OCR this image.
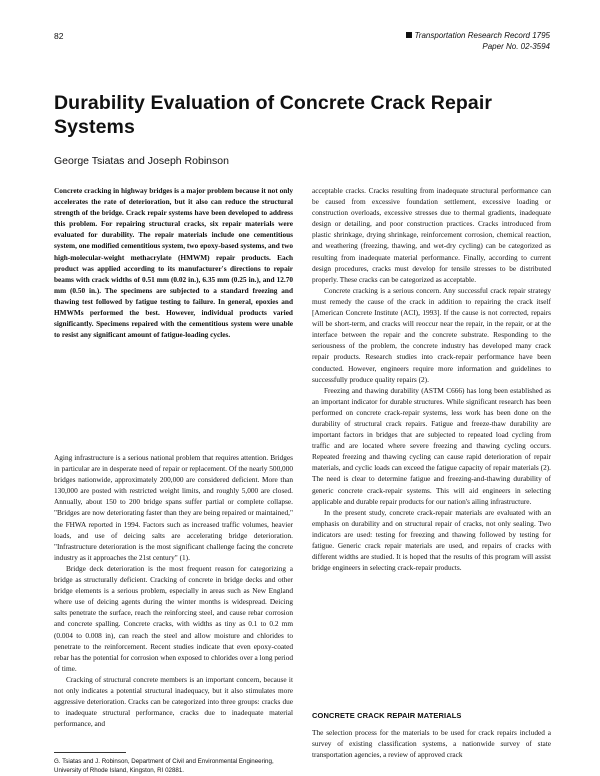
82	Transportation Research Record 1795
Paper No. 02-3594
Durability Evaluation of Concrete Crack Repair Systems
George Tsiatas and Joseph Robinson

Concrete cracking in highway bridges is a major problem because it not only accelerates the rate of deterioration, but it also can reduce the structural strength of the bridge. Crack repair systems have been developed to address this problem. For repairing structural cracks, six repair materials were evaluated for durability. The repair materials include one cementitious system, one modified cementitious system, two epoxy-based systems, and two high-molecular-weight methacrylate (HMWM) repair products. Each product was applied according to its manufacturer's directions to repair beams with crack widths of 0.51 mm (0.02 in.), 6.35 mm (0.25 in.), and 12.70 mm (0.50 in.). The specimens are subjected to a standard freezing and thawing test followed by fatigue testing to failure. In general, epoxies and HMWMs performed the best. However, individual products varied significantly. Specimens repaired with the cementitious system were unable to resist any significant amount of fatigue-loading cycles.

Aging infrastructure is a serious national problem that requires attention. Bridges in particular are in desperate need of repair or replacement. Of the nearly 500,000 bridges nationwide, approximately 200,000 are considered deficient. More than 130,000 are posted with restricted weight limits, and roughly 5,000 are closed. Annually, about 150 to 200 bridge spans suffer partial or complete collapse. "Bridges are now deteriorating faster than they are being repaired or maintained," the FHWA reported in 1994. Factors such as increased traffic volumes, heavier loads, and use of deicing salts are accelerating bridge deterioration. "Infrastructure deterioration is the most significant challenge facing the concrete industry as it approaches the 21st century" (1).

Bridge deck deterioration is the most frequent reason for categorizing a bridge as structurally deficient. Cracking of concrete in bridge decks and other bridge elements is a serious problem, especially in areas such as New England where use of deicing agents during the winter months is widespread. Deicing salts penetrate the surface, reach the reinforcing steel, and cause rebar corrosion and concrete spalling. Concrete cracks, with widths as tiny as 0.1 to 0.2 mm (0.004 to 0.008 in), can reach the steel and allow moisture and chlorides to penetrate to the reinforcement. Recent studies indicate that even epoxy-coated rebar has the potential for corrosion when exposed to chlorides over a long period of time.

Cracking of structural concrete members is an important concern, because it not only indicates a potential structural inadequacy, but it also stimulates more aggressive deterioration. Cracks can be categorized into three groups: cracks due to inadequate structural performance, cracks due to inadequate material performance, and

acceptable cracks. Cracks resulting from inadequate structural performance can be caused from excessive foundation settlement, excessive loading or construction overloads, excessive stresses due to thermal gradients, inadequate design or detailing, and poor construction practices. Cracks introduced from plastic shrinkage, drying shrinkage, reinforcement corrosion, chemical reaction, and weathering (freezing, thawing, and wet-dry cycling) can be categorized as resulting from inadequate material performance. Finally, according to current design procedures, cracks must develop for tensile stresses to be distributed properly. These cracks can be categorized as acceptable.

Concrete cracking is a serious concern. Any successful crack repair strategy must remedy the cause of the crack in addition to repairing the crack itself [American Concrete Institute (ACI), 1993]. If the cause is not corrected, repairs will be short-term, and cracks will reoccur near the repair, in the repair, or at the interface between the repair and the concrete substrate. Responding to the seriousness of the problem, the concrete industry has developed many crack repair products. Research studies into crack-repair performance have been conducted. However, engineers require more information and guidelines to successfully produce quality repairs (2).

Freezing and thawing durability (ASTM C666) has long been established as an important indicator for durable structures. While significant research has been performed on concrete crack-repair systems, less work has been done on the durability of structural crack repairs. Fatigue and freeze-thaw durability are important factors in bridges that are subjected to repeated load cycling from traffic and are located where severe freezing and thawing cycling occurs. Repeated freezing and thawing cycling can cause rapid deterioration of repair materials, and cyclic loads can exceed the fatigue capacity of repair materials (2). The need is clear to determine fatigue and freezing-and-thawing durability of generic concrete crack-repair systems. This will aid engineers in selecting applicable and durable repair products for our nation's ailing infrastructure.

In the present study, concrete crack-repair materials are evaluated with an emphasis on durability and on structural repair of cracks, not only sealing. Two indicators are used: testing for freezing and thawing followed by testing for fatigue. Generic crack repair materials are used, and repairs of cracks with different widths are studied. It is hoped that the results of this program will assist bridge engineers in selecting crack-repair products.

CONCRETE CRACK REPAIR MATERIALS

The selection process for the materials to be used for crack repairs included a survey of existing classification systems, a nationwide survey of state transportation agencies, a review of approved crack

G. Tsiatas and J. Robinson, Department of Civil and Environmental Engineering, University of Rhode Island, Kingston, RI 02881.
